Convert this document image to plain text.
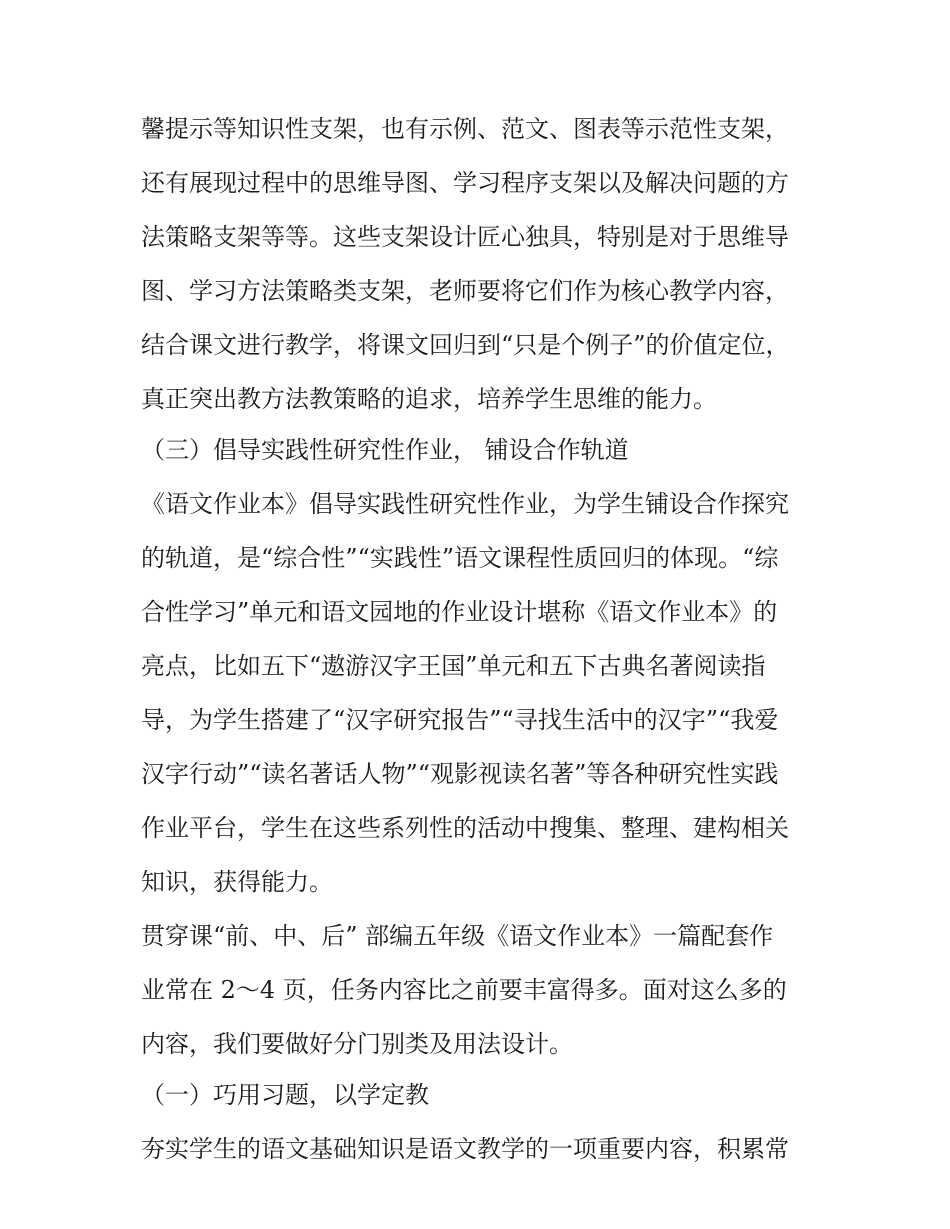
馨提示等知识性支架，也有示例、范文、图表等示范性支架，
还有展现过程中的思维导图、学习程序支架以及解决问题的方
法策略支架等等。这些支架设计匠心独具，特别是对于思维导
图、学习方法策略类支架，老师要将它们作为核心教学内容，
结合课文进行教学，将课文回归到“只是个例子”的价值定位，
真正突出教方法教策略的追求，培养学生思维的能力。
（三）倡导实践性研究性作业， 铺设合作轨道
《语文作业本》倡导实践性研究性作业，为学生铺设合作探究
的轨道，是“综合性”“实践性”语文课程性质回归的体现。“综
合性学习”单元和语文园地的作业设计堪称《语文作业本》的
亮点，比如五下“遨游汉字王国”单元和五下古典名著阅读指
导，为学生搭建了“汉字研究报告”“寻找生活中的汉字”“我爱
汉字行动”“读名著话人物”“观影视读名著”等各种研究性实践
作业平台，学生在这些系列性的活动中搜集、整理、建构相关
知识，获得能力。
贯穿课“前、中、后” 部编五年级《语文作业本》一篇配套作
业常在 2～4 页，任务内容比之前要丰富得多。面对这么多的
内容，我们要做好分门别类及用法设计。
（一）巧用习题，以学定教
夯实学生的语文基础知识是语文教学的一项重要内容，积累常
